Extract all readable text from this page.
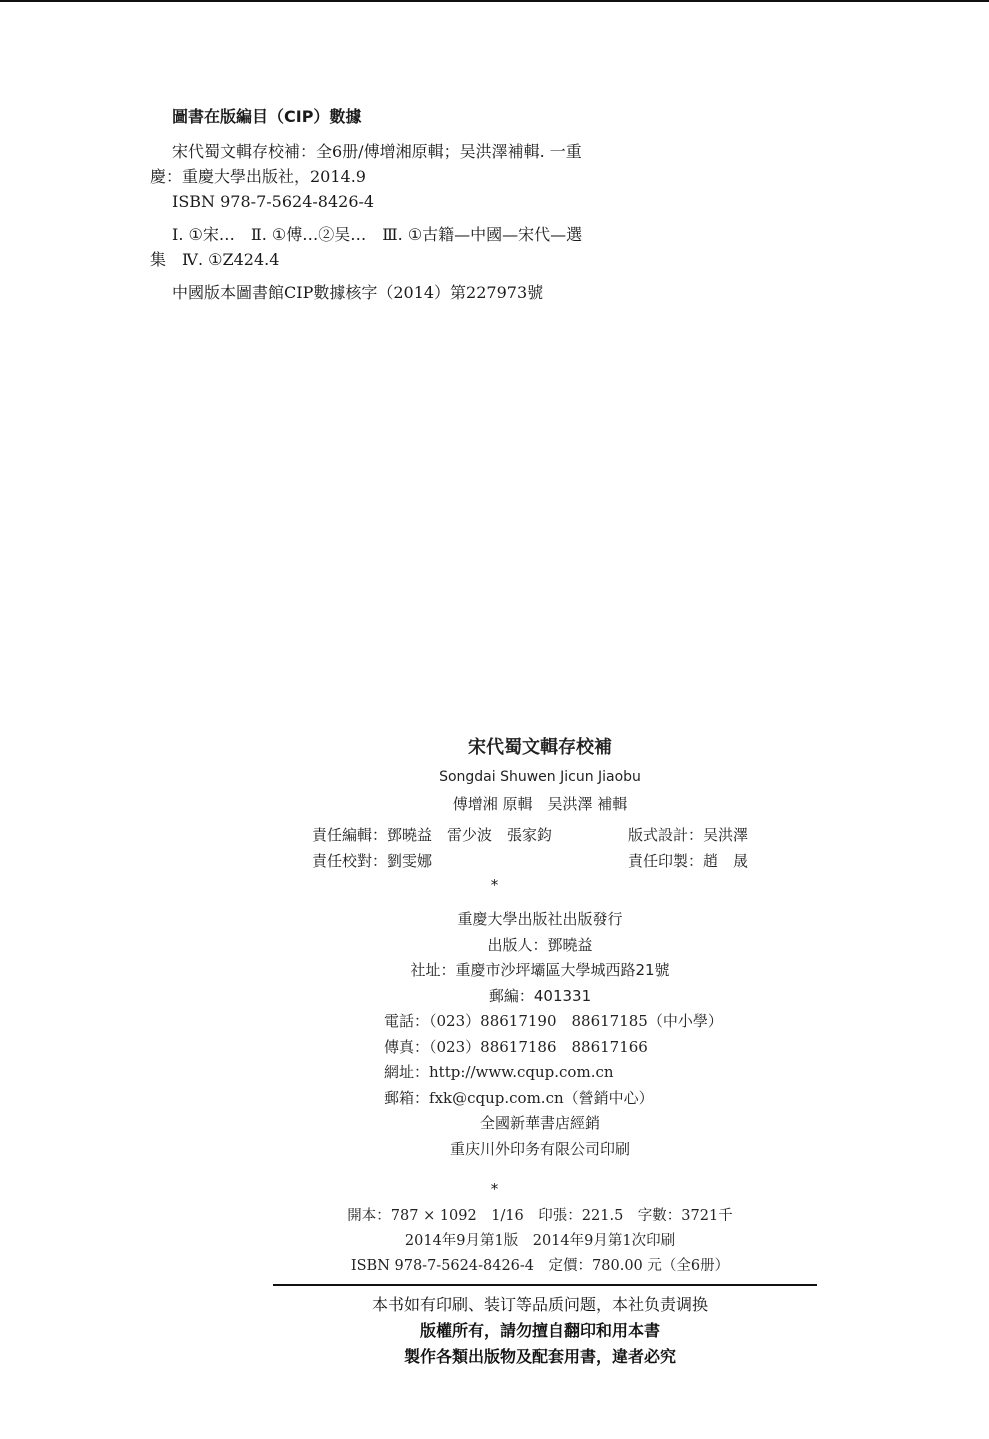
圖書在版編目（CIP）數據
宋代蜀文輯存校補：全6册/傅增湘原輯；吴洪澤補輯. 一重
慶：重慶大學出版社，2014.9
ISBN 978-7-5624-8426-4
Ⅰ. ①宋…　Ⅱ. ①傅…②吴…　Ⅲ. ①古籍—中國—宋代—選
集　Ⅳ. ①Z424.4
中國版本圖書館CIP數據核字（2014）第227973號
宋代蜀文輯存校補
Songdai Shuwen Jicun Jiaobu
傅增湘 原輯　吴洪澤 補輯
責任編輯：鄧曉益　雷少波　張家鈞	版式設計：吴洪澤
責任校對：劉雯娜	責任印製：趙　晟
*
重慶大學出版社出版發行
出版人：鄧曉益
社址：重慶市沙坪壩區大學城西路21號
郵編：401331
電話：（023）88617190　88617185（中小學）
傳真：（023）88617186　88617166
網址：http://www.cqup.com.cn
郵箱：fxk@cqup.com.cn（營銷中心）
全國新華書店經銷
重庆川外印务有限公司印刷
*
開本：787 × 1092　1/16　印張：221.5　字數：3721千
2014年9月第1版　2014年9月第1次印刷
ISBN 978-7-5624-8426-4　定價：780.00 元（全6册）
本书如有印刷、装订等品质问题，本社负责调换
版權所有，請勿擅自翻印和用本書
製作各類出版物及配套用書，違者必究
